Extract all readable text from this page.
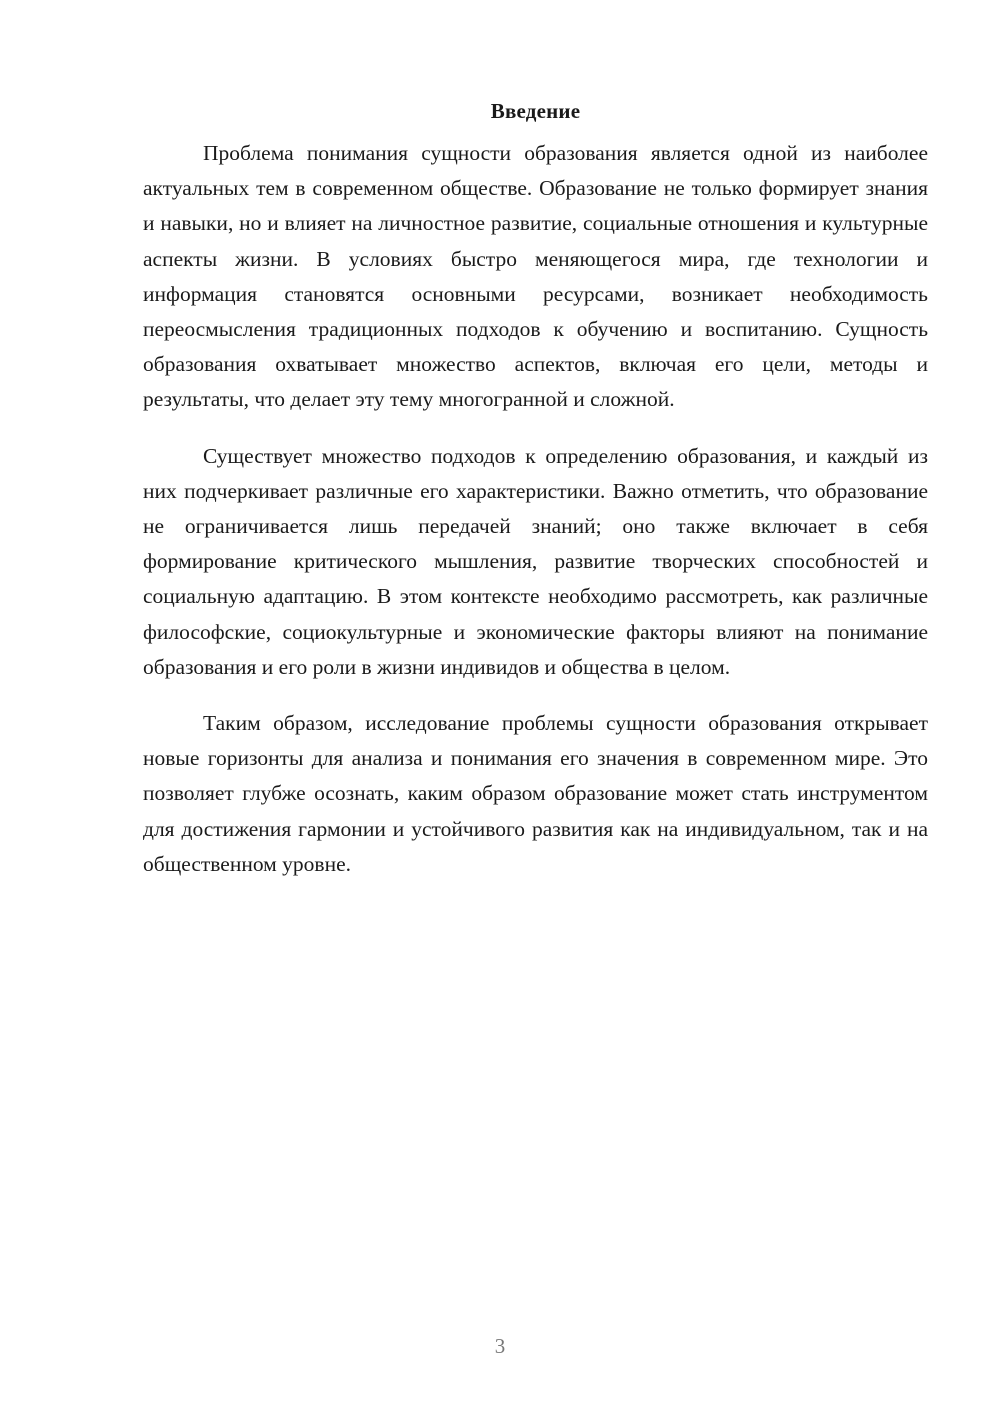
Введение

Проблема понимания сущности образования является одной из наиболее актуальных тем в современном обществе. Образование не только формирует знания и навыки, но и влияет на личностное развитие, социальные отношения и культурные аспекты жизни. В условиях быстро меняющегося мира, где технологии и информация становятся основными ресурсами, возникает необходимость переосмысления традиционных подходов к обучению и воспитанию. Сущность образования охватывает множество аспектов, включая его цели, методы и результаты, что делает эту тему многогранной и сложной.

Существует множество подходов к определению образования, и каждый из них подчеркивает различные его характеристики. Важно отметить, что образование не ограничивается лишь передачей знаний; оно также включает в себя формирование критического мышления, развитие творческих способностей и социальную адаптацию. В этом контексте необходимо рассмотреть, как различные философские, социокультурные и экономические факторы влияют на понимание образования и его роли в жизни индивидов и общества в целом.

Таким образом, исследование проблемы сущности образования открывает новые горизонты для анализа и понимания его значения в современном мире. Это позволяет глубже осознать, каким образом образование может стать инструментом для достижения гармонии и устойчивого развития как на индивидуальном, так и на общественном уровне.

3
